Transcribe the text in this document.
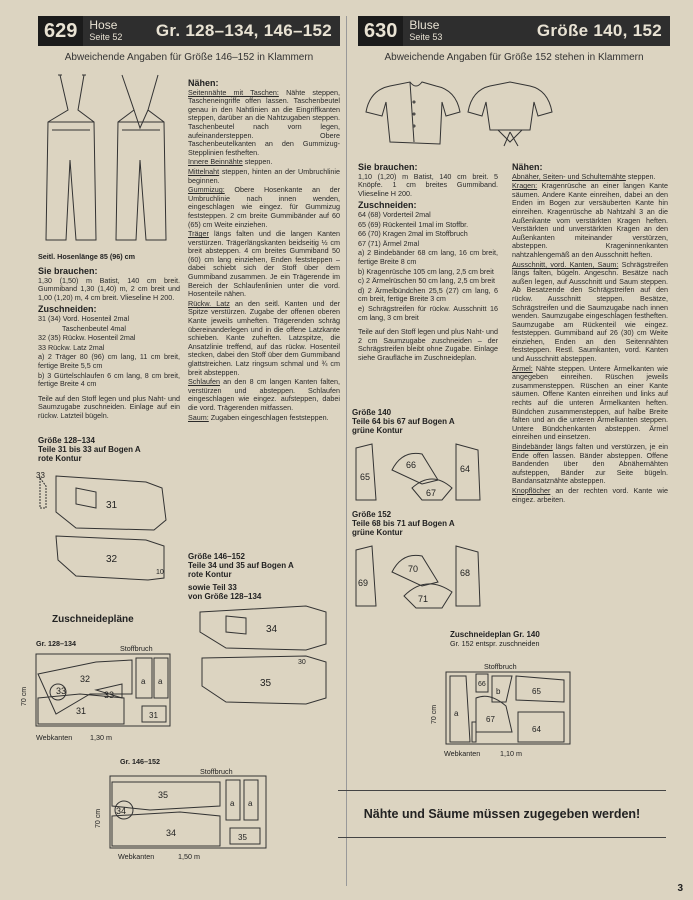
629	Hose
Seite 52 Gr. 128–134, 146–152
Abweichende Angaben für Größe 146–152 in Klammern
630	Bluse
Seite 53	Größe 140, 152
Abweichende Angaben für Größe 152 stehen in Klammern
Seitl. Hosenlänge 85 (96) cm
Sie brauchen:

1,30 (1,50) m Batist, 140 cm breit. Gummiband 1,30 (1,40) m, 2 cm breit und 1,00 (1,20) m, 4 cm breit. Vlieseline H 200.

Zuschneiden:

31 (34) Vord. Hosenteil 2mal

Taschenbeutel 4mal

32 (35) Rückw. Hosenteil 2mal

33 Rückw. Latz 2mal

a) 2 Träger 80 (96) cm lang, 11 cm breit, fertige Breite 5,5 cm

b) 3 Gürtelschlaufen 6 cm lang, 8 cm breit, fertige Breite 4 cm

Teile auf den Stoff legen und plus Naht- und Saumzugabe zuschneiden. Einlage auf ein rückw. Latzteil bügeln.

Größe 128–134
Teile 31 bis 33 auf Bogen A
rote Kontur
33
31
32
10
Zuschneidepläne
Gr. 128–134
Stoffbruch
33
32
31
33
a a
31
70 cm
Webkanten 1,30 m
Gr. 146–152
Stoffbruch
35
34
34
a a
35
70 cm
Webkanten	1,50 m
Nähen:

Seitennähte mit Taschen: Nähte steppen, Tascheneingriffe offen lassen. Taschenbeutel genau in den Nahtlinien an die Eingriffkanten steppen, darüber an die Nahtzugaben steppen. Taschenbeutel nach vorn legen, aufeinandersteppen. Obere Taschenbeutelkanten an den Gummizug-Stepplinien festheften.

Innere Beinnähte steppen.

Mittelnaht steppen, hinten an der Umbruchlinie beginnen.

Gummizug: Obere Hosenkante an der Umbruchlinie nach innen wenden, eingeschlagen wie eingez. für Gummizug feststeppen. 2 cm breite Gummibänder auf 60 (65) cm Weite einziehen.

Träger längs falten und die langen Kanten verstürzen. Trägerlängskanten beidseitig ½ cm breit absteppen. 4 cm breites Gummiband 50 (60) cm lang einziehen, Enden feststeppen – dabei schiebt sich der Stoff über dem Gummiband zusammen. Je ein Trägerende im Bereich der Schlaufenlinien unter die vord. Hosenteile nähen.

Rückw. Latz an den seitl. Kanten und der Spitze verstürzen. Zugabe der offenen oberen Kante jeweils umheften. Trägerenden schräg übereinanderlegen und in die offene Latzkante schieben. Kante zuheften. Latzspitze, die Ansatzlinie treffend, auf das rückw. Hosenteil stecken, dabei den Stoff über dem Gummiband glattstreichen. Latz ringsum schmal und ¾ cm breit absteppen.

Schlaufen an den 8 cm langen Kanten falten, verstürzen und absteppen. Schlaufen eingeschlagen wie eingez. aufsteppen, dabei die vord. Trägerenden mitfassen.

Saum: Zugaben eingeschlagen feststeppen.

Größe 146–152
Teile 34 und 35 auf Bogen A
rote Kontur
sowie Teil 33
von Größe 128–134
34
35
30
Sie brauchen:

1,10 (1,20) m Batist, 140 cm breit. 5 Knöpfe. 1 cm breites Gummiband. Vlieseline H 200.

Zuschneiden:

64 (68) Vorderteil 2mal

65 (69) Rückenteil 1mal im Stoffbr.

66 (70) Kragen 2mal im Stoffbruch

67 (71) Ärmel 2mal

a) 2 Bindebänder 68 cm lang, 16 cm breit, fertige Breite 8 cm

b) Kragenrüsche 105 cm lang, 2,5 cm breit

c) 2 Ärmelrüschen 50 cm lang, 2,5 cm breit

d) 2 Ärmelbündchen 25,5 (27) cm lang, 6 cm breit, fertige Breite 3 cm

e) Schrägstreifen für rückw. Ausschnitt 16 cm lang, 3 cm breit

Teile auf den Stoff legen und plus Naht- und 2 cm Saumzugabe zuschneiden – der Schrägstreifen bleibt ohne Zugabe. Einlage siehe Graufläche im Zuschneideplan.

Größe 140
Teile 64 bis 67 auf Bogen A
grüne Kontur
65
66
67
64
Größe 152
Teile 68 bis 71 auf Bogen A
grüne Kontur
69
70
71
68
Nähen:

Abnäher, Seiten- und Schulternähte steppen.

Kragen: Kragenrüsche an einer langen Kante säumen. Andere Kante einreihen, dabei an den Enden im Bogen zur versäuberten Kante hin einreihen. Kragenrüsche ab Nahtzahl 3 an die Außenkante vom verstärkten Kragen heften. Verstärkten und unverstärkten Kragen an den Außenkanten miteinander verstürzen, absteppen. Krageninnenkanten nahtzahlengemäß an den Ausschnitt heften.

Ausschnitt, vord. Kanten, Saum: Schrägstreifen längs falten, bügeln. Angeschn. Besätze nach außen legen, auf Ausschnitt und Saum steppen. Ab Besatzende den Schrägstreifen auf den rückw. Ausschnitt steppen. Besätze, Schrägstreifen und die Saumzugabe nach innen wenden. Saumzugabe eingeschlagen festheften. Saumzugabe am Rückenteil wie eingez. feststeppen. Gummiband auf 26 (30) cm Weite einziehen, Enden an den Seitennähten feststeppen. Restl. Saumkanten, vord. Kanten und Ausschnitt absteppen.

Ärmel: Nähte steppen. Untere Ärmelkanten wie angegeben einreihen. Rüschen jeweils zusammensteppen. Rüschen an einer Kante säumen. Offene Kanten einreihen und links auf rechts auf die unteren Ärmelkanten heften. Bündchen zusammensteppen, auf halbe Breite falten und an die unteren Ärmelkanten steppen. Untere Bündchenkanten absteppen. Ärmel einreihen und einsetzen.

Bindebänder längs falten und verstürzen, je ein Ende offen lassen. Bänder absteppen. Offene Bandenden über den Abnähernähten aufsteppen, Bänder zur Seite bügeln. Bandansatznähte absteppen.

Knopflöcher an der rechten vord. Kante wie eingez. arbeiten.

Zuschneideplan Gr. 140
Gr. 152 entspr. zuschneiden
Stoffbruch
a
66
b	65
67
64
70 cm
Webkanten	1,10 m
Nähte und Säume müssen zugegeben werden!
3
